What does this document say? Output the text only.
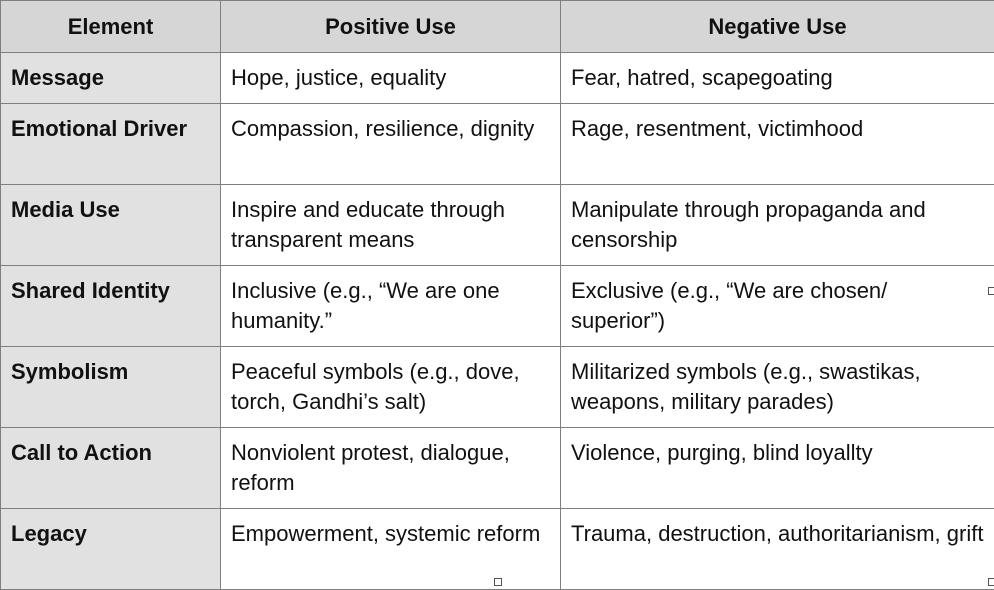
Element	Positive Use	Negative Use
Message	Hope, justice, equality	Fear, hatred, scapegoating
Emotional Driver	Compassion, resilience, dignity	Rage, resentment, victimhood
Media Use	Inspire and educate through transparent means	Manipulate through propaganda and censorship
Shared Identity	Inclusive (e.g., “We are one humanity.”	Exclusive (e.g., “We are chosen/ superior”)
Symbolism	Peaceful symbols (e.g., dove, torch, Gandhi’s salt)	Militarized symbols (e.g., swastikas, weapons, military parades)
Call to Action	Nonviolent protest, dialogue, reform	Violence, purging, blind loyallty
Legacy	Empowerment, systemic reform	Trauma, destruction, authoritarianism, grift
